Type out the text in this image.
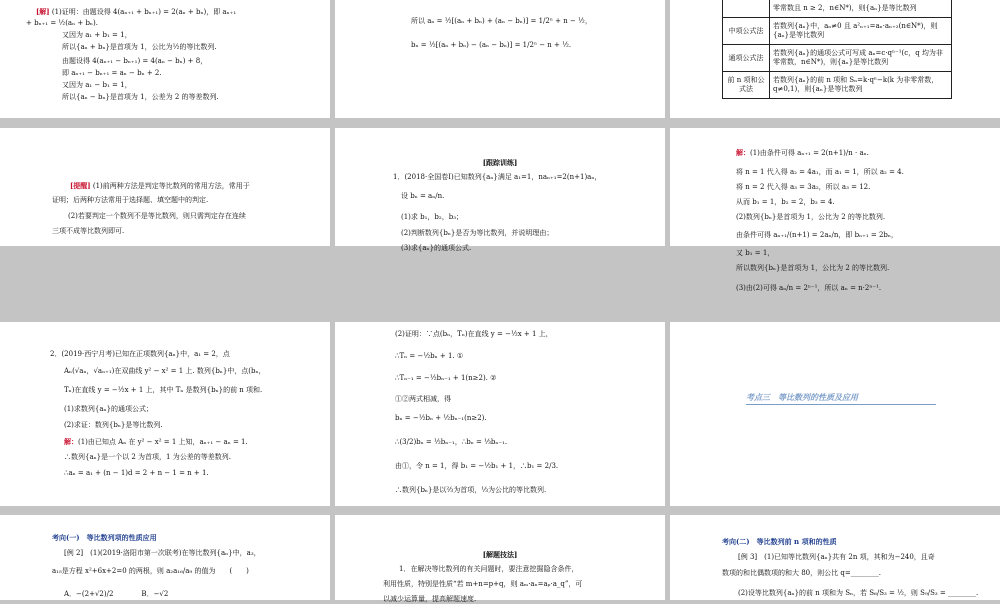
[解] (1)证明：由题设得 4(aₙ₊₁ + bₙ₊₁) = 2(aₙ + bₙ)，即 aₙ₊₁
+ bₙ₊₁ = ½(aₙ + bₙ).
又因为 a₁ + b₁ = 1，
所以{aₙ + bₙ}是首项为 1，公比为½的等比数列.
由题设得 4(aₙ₊₁ − bₙ₊₁) = 4(aₙ − bₙ) + 8，
即 aₙ₊₁ − bₙ₊₁ = aₙ − bₙ + 2.
又因为 a₁ − b₁ = 1，
所以{aₙ − bₙ}是首项为 1，公差为 2 的等差数列.
所以 aₙ = ½[(aₙ + bₙ) + (aₙ − bₙ)] = 1/2ⁿ + n − ½，
bₙ = ½[(aₙ + bₙ) − (aₙ − bₙ)] = 1/2ⁿ − n + ½.
	零常数且 n ≥ 2，n∈N*)，则{aₙ}是等比数列
中项公式法	若数列{aₙ}中，aₙ≠0 且 a²ₙ₊₁=aₙ·aₙ₊₂(n∈N*)，则{aₙ}是等比数列
通项公式法	若数列{aₙ}的通项公式可写成 aₙ=c·qⁿ⁻¹(c，q 均为非零常数，n∈N*)，则{aₙ}是等比数列
前 n 项和公式法	若数列{aₙ}的前 n 项和 Sₙ=k·qⁿ−k(k 为非零常数，q≠0,1)，则{aₙ}是等比数列
[提醒] (1)前两种方法是判定等比数列的常用方法，常用于
证明；后两种方法常用于选择题、填空题中的判定.
(2)若要判定一个数列不是等比数列，则只需判定存在连续
三项不成等比数列即可.
[跟踪训练]
1．(2018·全国卷Ⅰ)已知数列{aₙ}满足 a₁=1，naₙ₊₁=2(n+1)aₙ，
设 bₙ = aₙ/n.
(1)求 b₁，b₂，b₃；
(2)判断数列{bₙ}是否为等比数列，并说明理由；
(3)求{aₙ}的通项公式.
解：(1)由条件可得 aₙ₊₁ = 2(n+1)/n · aₙ.
将 n = 1 代入得 a₂ = 4a₁，而 a₁ = 1，所以 a₂ = 4.
将 n = 2 代入得 a₃ = 3a₂，所以 a₃ = 12.
从而 b₁ = 1，b₂ = 2，b₃ = 4.
(2)数列{bₙ}是首项为 1，公比为 2 的等比数列.
由条件可得 aₙ₊₁/(n+1) = 2aₙ/n，即 bₙ₊₁ = 2bₙ，
又 b₁ = 1，
所以数列{bₙ}是首项为 1，公比为 2 的等比数列.
(3)由(2)可得 aₙ/n = 2ⁿ⁻¹，所以 aₙ = n·2ⁿ⁻¹.
2．(2019·西宁月考)已知在正项数列{aₙ}中，a₁ = 2，点
Aₙ(√aₙ，√aₙ₊₁)在双曲线 y² − x² = 1 上. 数列{bₙ}中，点(bₙ，
Tₙ)在直线 y = −½x + 1 上，其中 Tₙ 是数列{bₙ}的前 n 项和.
(1)求数列{aₙ}的通项公式；
(2)求证：数列{bₙ}是等比数列.
解：(1)由已知点 Aₙ 在 y² − x² = 1 上知，aₙ₊₁ − aₙ = 1.
∴数列{aₙ}是一个以 2 为首项，1 为公差的等差数列.
∴aₙ = a₁ + (n − 1)d = 2 + n − 1 = n + 1.
(2)证明：∵点(bₙ，Tₙ)在直线 y = −½x + 1 上，
∴Tₙ = −½bₙ + 1. ①
∴Tₙ₋₁ = −½bₙ₋₁ + 1(n≥2). ②
①②两式相减，得
bₙ = −½bₙ + ½bₙ₋₁(n≥2).
∴(3/2)bₙ = ½bₙ₋₁，∴bₙ = ⅓bₙ₋₁.
由①，令 n = 1，得 b₁ = −½b₁ + 1，∴b₁ = 2/3.
∴数列{bₙ}是以⅔为首项，⅓为公比的等比数列.
考点三　等比数列的性质及应用
考向(一)　等比数列项的性质应用
[例 2]　(1)(2019·洛阳市第一次联考)在等比数列{aₙ}中，a₃，
a₁₅是方程 x²+6x+2=0 的两根，则 a₂a₁₆/a₉ 的值为　　(　　)
A．−(2+√2)/2　　　　B．−√2
[解题技法]
1．在解决等比数列的有关问题时，要注意挖掘隐含条件，
利用性质，特别是性质“若 m+n=p+q，则 aₘ·aₙ=aₚ·a_q”，可
以减少运算量，提高解题速度.
考向(二)　等比数列前 n 项和的性质
[例 3]　(1)已知等比数列{aₙ}共有 2n 项，其和为−240，且奇
数项的和比偶数项的和大 80，则公比 q=________.
(2)设等比数列{aₙ}的前 n 项和为 Sₙ，若 S₆/S₃ = ½，则 S₉/S₃ = ________.
